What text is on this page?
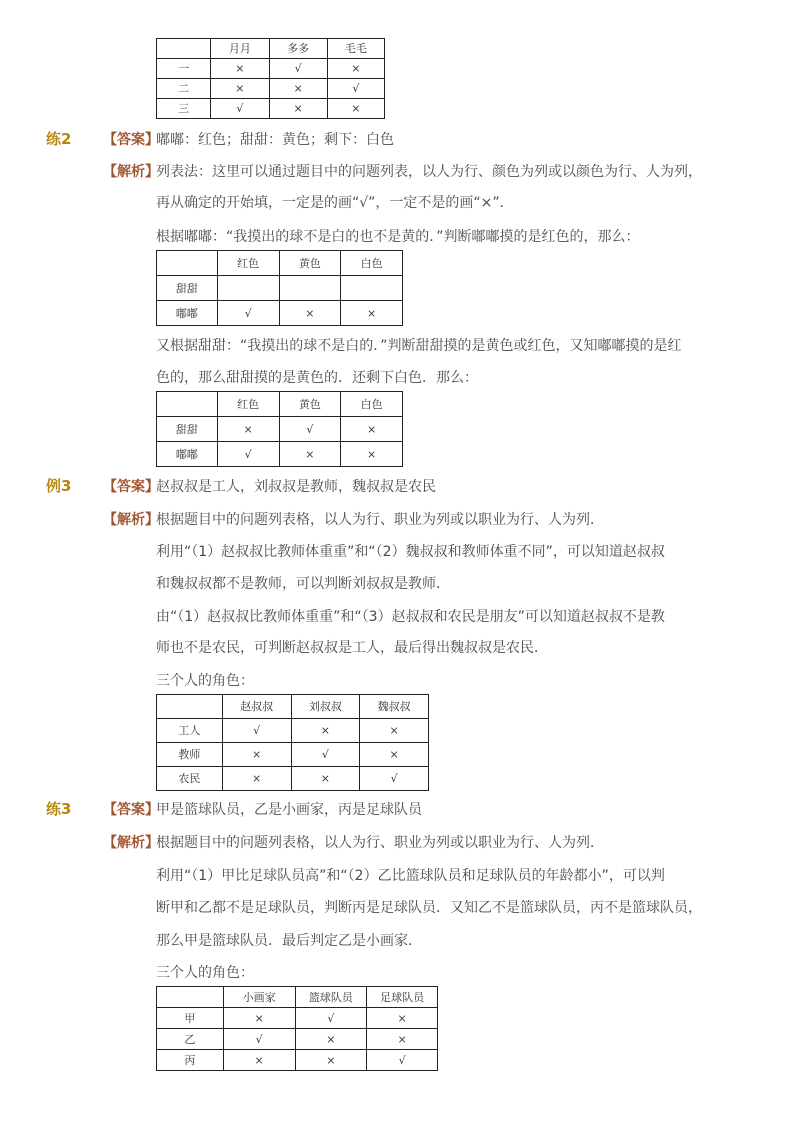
	月月	多多	毛毛
一	×	√	×
二	×	×	√
三	√	×	×
练2 【答案】
嘟嘟：红色；甜甜：黄色；剩下：白色
【解析】
列表法：这里可以通过题目中的问题列表，以人为行、颜色为列或以颜色为行、人为列，
再从确定的开始填，一定是的画“√”，一定不是的画“×”．
根据嘟嘟：“我摸出的球不是白的也不是黄的．”判断嘟嘟摸的是红色的，那么：
	红色	黄色	白色
甜甜			
嘟嘟	√	×	×
又根据甜甜：“我摸出的球不是白的．”判断甜甜摸的是黄色或红色，又知嘟嘟摸的是红
色的，那么甜甜摸的是黄色的．还剩下白色．那么：
	红色	黄色	白色
甜甜	×	√	×
嘟嘟	√	×	×
例3 【答案】
赵叔叔是工人，刘叔叔是教师，魏叔叔是农民
【解析】
根据题目中的问题列表格，以人为行、职业为列或以职业为行、人为列．
利用“（1）赵叔叔比教师体重重”和“（2）魏叔叔和教师体重不同”，可以知道赵叔叔
和魏叔叔都不是教师，可以判断刘叔叔是教师．
由“（1）赵叔叔比教师体重重”和“（3）赵叔叔和农民是朋友”可以知道赵叔叔不是教
师也不是农民，可判断赵叔叔是工人，最后得出魏叔叔是农民．
三个人的角色：
	赵叔叔	刘叔叔	魏叔叔
工人	√	×	×
教师	×	√	×
农民	×	×	√
练3 【答案】
甲是篮球队员，乙是小画家，丙是足球队员
【解析】
根据题目中的问题列表格，以人为行、职业为列或以职业为行、人为列．
利用“（1）甲比足球队员高”和“（2）乙比篮球队员和足球队员的年龄都小”，可以判
断甲和乙都不是足球队员，判断丙是足球队员．又知乙不是篮球队员，丙不是篮球队员，
那么甲是篮球队员．最后判定乙是小画家．
三个人的角色：
	小画家	篮球队员	足球队员
甲	×	√	×
乙	√	×	×
丙	×	×	√
